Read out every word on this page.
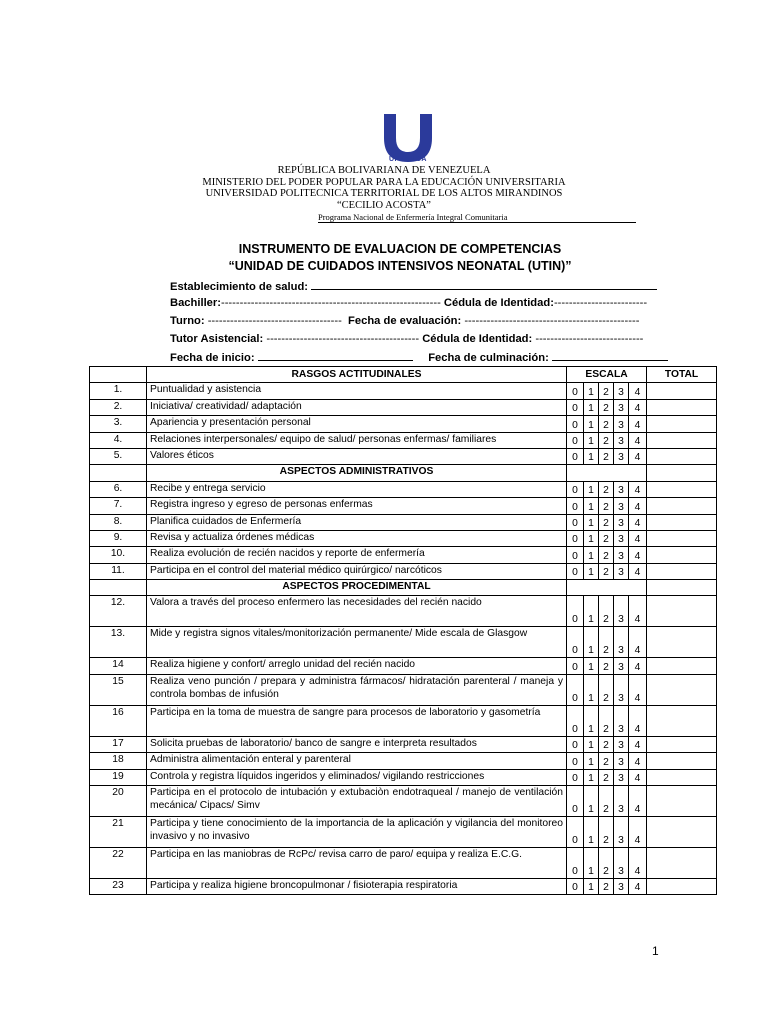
UPTAMCA
REPÚBLICA BOLIVARIANA DE VENEZUELA
MINISTERIO DEL PODER POPULAR PARA LA EDUCACIÓN UNIVERSITARIA
UNIVERSIDAD POLITECNICA TERRITORIAL DE LOS ALTOS MIRANDINOS
“CECILIO ACOSTA”
Programa Nacional de Enfermería Integral Comunitaria
INSTRUMENTO DE EVALUACION DE COMPETENCIAS
“UNIDAD DE CUIDADOS INTENSIVOS NEONATAL (UTIN)”
Establecimiento de salud:
Bachiller:----------------------------------------------------------- Cédula de Identidad:-------------------------
Turno: ------------------------------------ Fecha de evaluación: -----------------------------------------------
Tutor Asistencial: ----------------------------------------- Cédula de Identidad: -----------------------------
Fecha de inicio:	Fecha de culminación:
	RASGOS ACTITUDINALES	ESCALA					TOTAL
1.	Puntualidad y asistencia	0	1	2	3	4	
2.	Iniciativa/ creatividad/ adaptación	0	1	2	3	4	
3.	Apariencia y presentación personal	0	1	2	3	4	
4.	Relaciones interpersonales/ equipo de salud/ personas enfermas/ familiares	0	1	2	3	4	
5.	Valores éticos	0	1	2	3	4	
	ASPECTOS ADMINISTRATIVOS						
6.	Recibe y entrega servicio	0	1	2	3	4	
7.	Registra ingreso y egreso de personas enfermas	0	1	2	3	4	
8.	Planifica cuidados de Enfermería	0	1	2	3	4	
9.	Revisa y actualiza órdenes médicas	0	1	2	3	4	
10.	Realiza evolución de recién nacidos y reporte de enfermería	0	1	2	3	4	
11.	Participa en el control del material médico quirúrgico/ narcóticos	0	1	2	3	4	
	ASPECTOS PROCEDIMENTAL						
12.	Valora a través del proceso enfermero las necesidades del recién nacido	0	1	2	3	4	
13.	Mide y registra signos vitales/monitorización permanente/ Mide escala de Glasgow	0	1	2	3	4	
14	Realiza higiene y confort/ arreglo unidad del recién nacido	0	1	2	3	4	
15	Realiza veno punción / prepara y administra fármacos/ hidratación parenteral / maneja y controla bombas de infusión	0	1	2	3	4	
16	Participa en la toma de muestra de sangre para procesos de laboratorio y gasometría	0	1	2	3	4	
17	Solicita pruebas de laboratorio/ banco de sangre e interpreta resultados	0	1	2	3	4	
18	Administra alimentación enteral y parenteral	0	1	2	3	4	
19	Controla y registra líquidos ingeridos y eliminados/ vigilando restricciones	0	1	2	3	4	
20	Participa en el protocolo de intubación y extubaciòn endotraqueal / manejo de ventilación mecánica/ Cipacs/ Simv	0	1	2	3	4	
21	Participa y tiene conocimiento de la importancia de la aplicación y vigilancia del monitoreo invasivo y no invasivo	0	1	2	3	4	
22	Participa en las maniobras de RcPc/ revisa carro de paro/ equipa y realiza E.C.G.	0	1	2	3	4	
23	Participa y realiza higiene broncopulmonar / fisioterapia respiratoria	0	1	2	3	4	
1
